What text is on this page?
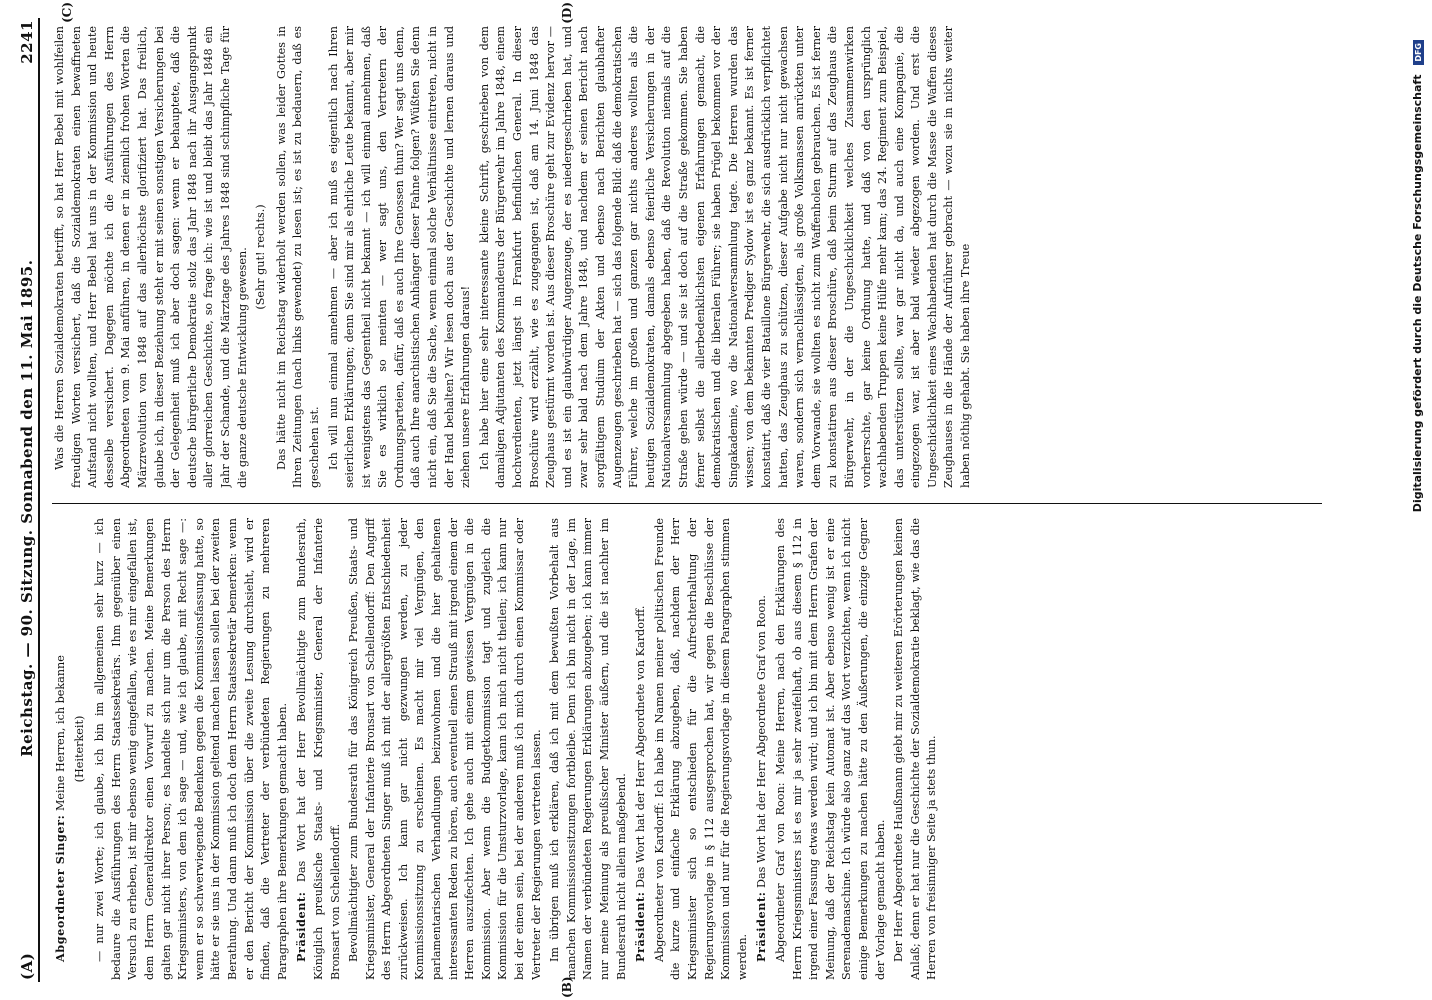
(A)
Reichstag. — 90. Sitzung. Sonnabend den 11. Mai 1895.
2241

Abgeordneter Singer: Meine Herren, ich bekanne (Heiterkeit) — nur zwei Worte; ich glaube, ich bin im allgemeinen sehr kurz — ich bedaure die Ausführungen des Herrn Staatssekretärs. Ihm gegenüber einen Versuch zu erheben, ist mir ebenso wenig eingefallen, wie es mir eingefallen ist, dem Herrn Generaldirektor einen Vorwurf zu machen. Meine Bemerkungen galten gar nicht ihrer Person; es handelte sich nur um die Person des Herrn Kriegsministers, von dem ich sage — und, wie ich glaube, mit Recht sage —: wenn er so schwerwiegende Bedenken gegen die Kommissionsfassung hatte, so hätte er sie uns in der Kommission geltend machen lassen sollen bei der zweiten Berathung. Und dann muß ich doch dem Herrn Staatssekretär bemerken: wenn er den Bericht der Kommission über die zweite Lesung durchsieht, wird er finden, daß die Vertreter der verbündeten Regierungen zu mehreren Paragraphen ihre Bemerkungen gemacht haben. Präsident: Das Wort hat der Herr Bevollmächtigte zum Bundesrath, Königlich preußische Staats- und Kriegsminister, General der Infanterie Bronsart von Schellendorff. Bevollmächtigter zum Bundesrath für das Königreich Preußen, Staats- und Kriegsminister, General der Infanterie Bronsart von Schellendorff: Den Angriff des Herrn Abgeordneten Singer muß ich mit der allergrößten Entschiedenheit zurückweisen. Ich kann gar nicht gezwungen werden, zu jeder Kommissionssitzung zu erscheinen. Es macht mir viel Vergnügen, den parlamentarischen Verhandlungen beizuwohnen und die hier gehaltenen interessanten Reden zu hören, auch eventuell einen Strauß mit irgend einem der Herren auszufechten. Ich gehe auch mit einem gewissen Vergnügen in die Kommission. Aber wenn die Budgetkommission tagt und zugleich die Kommission für die Umsturzvorlage, kann ich mich nicht theilen; ich kann nur bei der einen sein, bei der anderen muß ich mich durch einen Kommissar oder Vertreter der Regierungen vertreten lassen. Im übrigen muß ich erklären, daß ich mit dem bewußten Vorbehalt aus manchen Kommissionssitzungen fortbleibe. Denn ich bin nicht in der Lage, im Namen der verbündeten Regierungen Erklärungen abzugeben; ich kann immer nur meine Meinung als preußischer Minister äußern, und die ist nachher im Bundesrath nicht allein maßgebend. Präsident: Das Wort hat der Herr Abgeordnete von Kardorff. Abgeordneter von Kardorff: Ich habe im Namen meiner politischen Freunde die kurze und einfache Erklärung abzugeben, daß, nachdem der Herr Kriegsminister sich so entschieden für die Aufrechterhaltung der Regierungsvorlage in § 112 ausgesprochen hat, wir gegen die Beschlüsse der Kommission und nur für die Regierungsvorlage in diesem Paragraphen stimmen werden. Präsident: Das Wort hat der Herr Abgeordnete Graf von Roon. Abgeordneter Graf von Roon: Meine Herren, nach den Erklärungen des Herrn Kriegsministers ist es mir ja sehr zweifelhaft, ob aus diesem § 112 in irgend einer Fassung etwas werden wird; und ich bin mit dem Herrn Grafen der Meinung, daß der Reichstag kein Automat ist. Aber ebenso wenig ist er eine Serenademaschine. Ich würde also ganz auf das Wort verzichten, wenn ich nicht einige Bemerkungen zu machen hätte zu den Äußerungen, die einzige Gegner der Vorlage gemacht haben. Der Herr Abgeordnete Haußmann giebt mir zu weiteren Erörterungen keinen Anlaß; denn er hat nur die Geschichte der Sozialdemokratie beklagt, wie das die Herren von freisinniger Seite ja stets thun.

Was die Herren Sozialdemokraten betrifft, so hat Herr Bebel mit wohlfeilen freudigen Worten versichert, daß die Sozialdemokraten einen bewaffneten Aufstand nicht wollten, und Herr Bebel hat uns in der Kommission und heute desselbe versichert. Dagegen möchte ich die Ausführungen des Herrn Abgeordneten vom 9. Mai anführen, in denen er in ziemlich frohen Worten die Märzrevolution von 1848 auf das allerhöchste glorifiziert hat. Das freilich, glaube ich, in dieser Beziehung steht er mit seinen sonstigen Versicherungen bei der Gelegenheit muß ich aber doch sagen: wenn er behauptete, daß die deutsche bürgerliche Demokratie stolz das Jahr 1848 nach ihr Ausgangspunkt aller glorreichen Geschichte, so frage ich: wie ist und bleibt das Jahr 1848 ein Jahr der Schande, und die Märztage des Jahres 1848 sind schimpfliche Tage für die ganze deutsche Entwicklung gewesen. (Sehr gut! rechts.) Das hätte nicht im Reichstag widerholt werden sollen, was leider Gottes in Ihren Zeitungen (nach links gewendet) zu lesen ist; es ist zu bedauern, daß es geschehen ist. Ich will nun einmal annehmen — aber ich muß es eigentlich nach Ihren seierlichen Erklärungen; denn Sie sind mir als ehrliche Leute bekannt, aber mir ist wenigstens das Gegentheil nicht bekannt — ich will einmal annehmen, daß Sie es wirklich so meinten — wer sagt uns, den Vertretern der Ordnungsparteien, dafür, daß es auch Ihre Genossen thun? Wer sagt uns denn, daß auch Ihre anarchistischen Anhänger dieser Fahne folgen? Wüßten Sie denn nicht ein, daß Sie die Sache, wenn einmal solche Verhältnisse eintreten, nicht in der Hand behalten? Wir lesen doch aus der Geschichte und lernen daraus und ziehen unsere Erfahrungen daraus! Ich habe hier eine sehr interessante kleine Schrift, geschrieben von dem damaligen Adjutanten des Kommandeurs der Bürgerwehr im Jahre 1848, einem hochverdienten, jetzt längst in Frankfurt befindlichen General. In dieser Broschüre wird erzählt, wie es zugegangen ist, daß am 14. Juni 1848 das Zeughaus gestürmt worden ist. Aus dieser Broschüre geht zur Evidenz hervor — und es ist ein glaubwürdiger Augenzeuge, der es niedergeschrieben hat, und zwar sehr bald nach dem Jahre 1848, und nachdem er seinen Bericht nach sorgfältigem Studium der Akten und ebenso nach Berichten glaubhafter Augenzeugen geschrieben hat — sich das folgende Bild: daß die demokratischen Führer, welche im großen und ganzen gar nichts anderes wollten als die heutigen Sozialdemokraten, damals ebenso feierliche Versicherungen in der Nationalversammlung abgegeben haben, daß die Revolution niemals auf die Straße gehen würde — und sie ist doch auf die Straße gekommen. Sie haben ferner selbst die allerbedenklichsten eigenen Erfahrungen gemacht, die demokratischen und die liberalen Führer; sie haben Prügel bekommen vor der Singakademie, wo die Nationalversammlung tagte. Die Herren wurden das wissen; von dem bekannten Prediger Sydow ist es ganz bekannt. Es ist ferner konstatirt, daß die vier Bataillone Bürgerwehr, die sich ausdrücklich verpflichtet hatten, das Zeughaus zu schützen, dieser Aufgabe nicht nur nicht gewachsen waren, sondern sich vernachlässigten, als große Volksmassen anrückten unter dem Vorwande, sie wollten es nicht zum Waffenholen gebrauchen. Es ist ferner zu konstatiren aus dieser Broschüre, daß beim Sturm auf das Zeughaus die Bürgerwehr, in der die Ungeschicklichkeit welches Zusammenwirken vorherrschte, gar keine Ordnung hatte, und daß von den ursprünglich wachhabenden Truppen keine Hülfe mehr kam; das 24. Regiment zum Beispiel, das unterstützen sollte, war gar nicht da, und auch eine Kompagnie, die eingezogen war, ist aber bald wieder abgezogen worden. Und erst die Ungeschicklichkeit eines Wachhabenden hat durch die Masse die Waffen dieses Zeughauses in die Hände der Aufrührer gebracht — wozu sie in nichts weiter haben nöthig gehabt. Sie haben ihre Treue

(B)
(C)	(D)
Digitalisierung gefördert durch die Deutsche Forschungsgemeinschaft DFG
